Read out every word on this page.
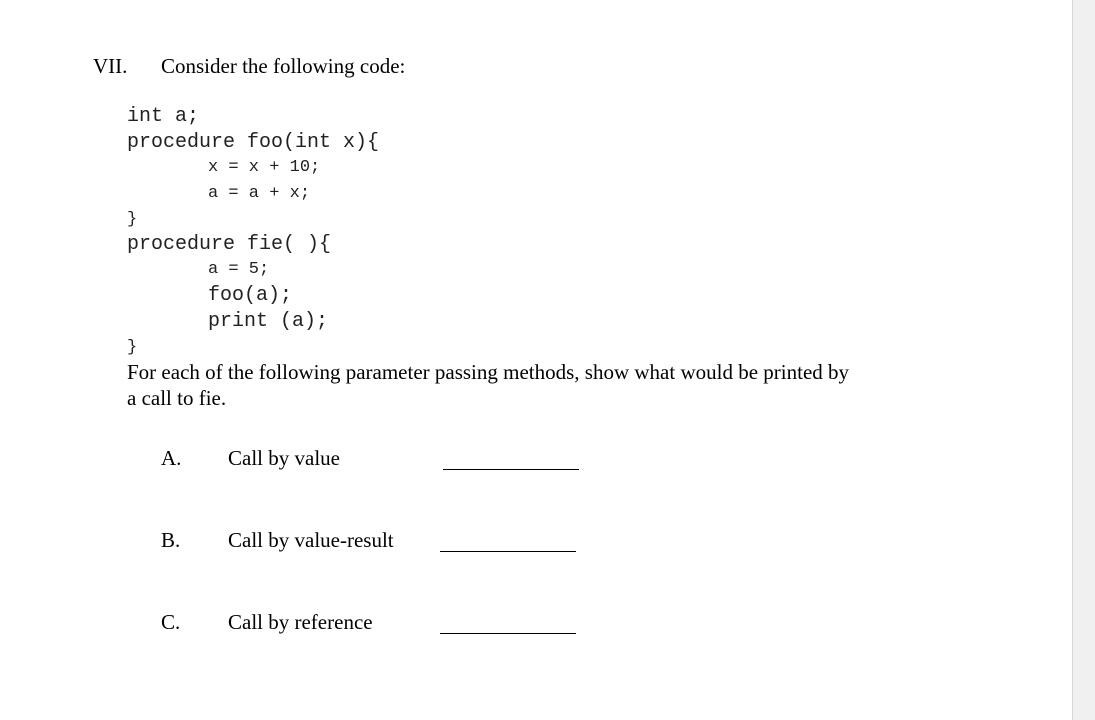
VII. Consider the following code:
int a;
procedure foo(int x){
x = x + 10;
a = a + x;
}
procedure fie( ){
a = 5;
foo(a);
print (a);
}
For each of the following parameter passing methods, show what would be printed by
a call to fie.
A. Call by value
B. Call by value-result
C. Call by reference
